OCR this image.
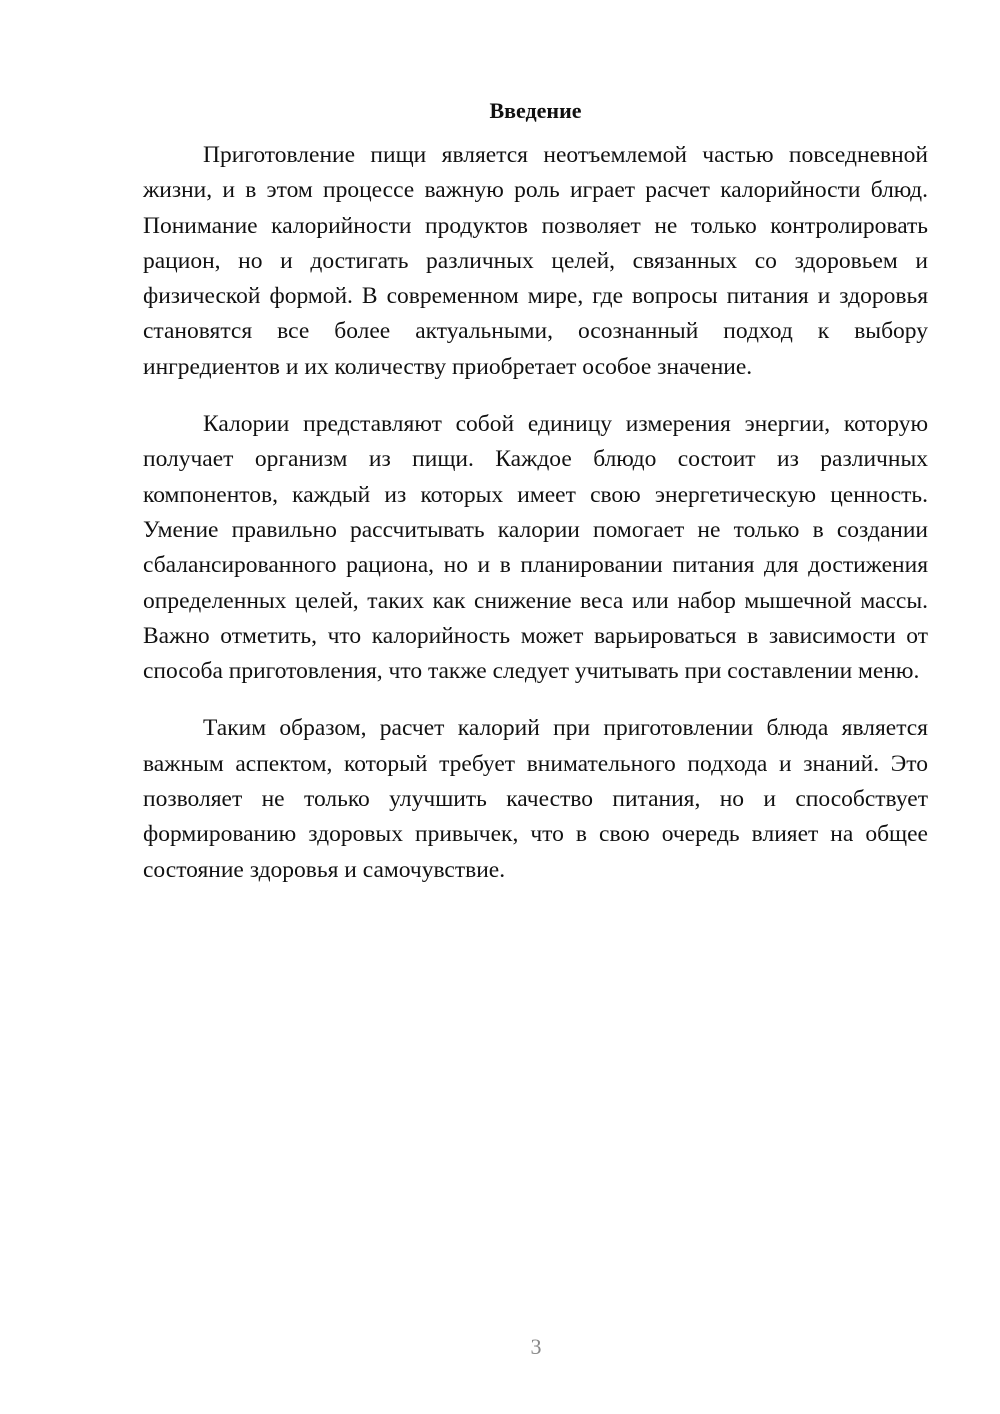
Введение

Приготовление пищи является неотъемлемой частью повседневной жизни, и в этом процессе важную роль играет расчет калорийности блюд. Понимание калорийности продуктов позволяет не только контролировать рацион, но и достигать различных целей, связанных со здоровьем и физической формой. В современном мире, где вопросы питания и здоровья становятся все более актуальными, осознанный подход к выбору ингредиентов и их количеству приобретает особое значение.

Калории представляют собой единицу измерения энергии, которую получает организм из пищи. Каждое блюдо состоит из различных компонентов, каждый из которых имеет свою энергетическую ценность. Умение правильно рассчитывать калории помогает не только в создании сбалансированного рациона, но и в планировании питания для достижения определенных целей, таких как снижение веса или набор мышечной массы. Важно отметить, что калорийность может варьироваться в зависимости от способа приготовления, что также следует учитывать при составлении меню.

Таким образом, расчет калорий при приготовлении блюда является важным аспектом, который требует внимательного подхода и знаний. Это позволяет не только улучшить качество питания, но и способствует формированию здоровых привычек, что в свою очередь влияет на общее состояние здоровья и самочувствие.

3
